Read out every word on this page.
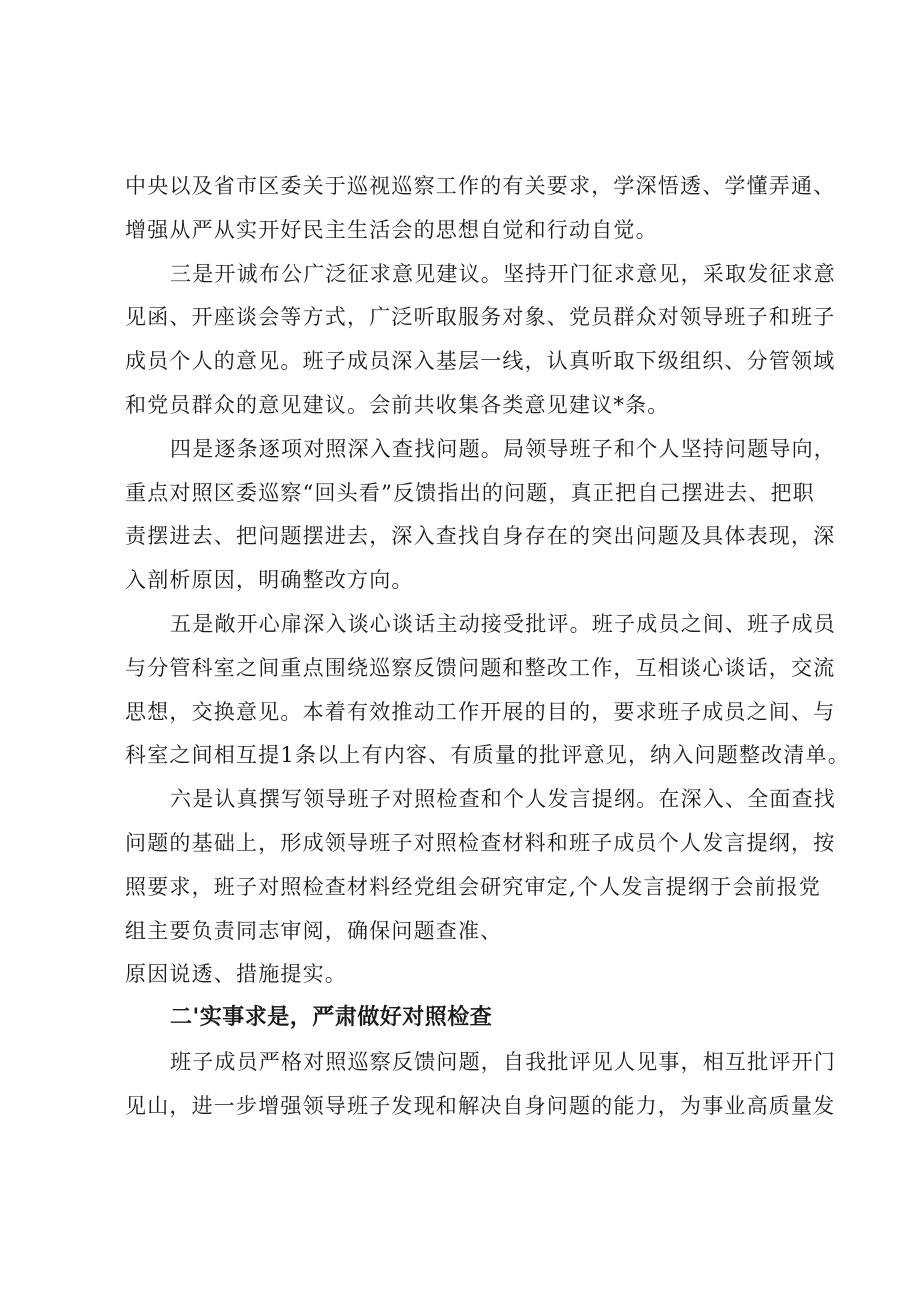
中央以及省市区委关于巡视巡察工作的有关要求，学深悟透、学懂弄通、
增强从严从实开好民主生活会的思想自觉和行动自觉。
三是开诚布公广泛征求意见建议。坚持开门征求意见，采取发征求意
见函、开座谈会等方式，广泛听取服务对象、党员群众对领导班子和班子
成员个人的意见。班子成员深入基层一线，认真听取下级组织、分管领域
和党员群众的意见建议。会前共收集各类意见建议*条。
四是逐条逐项对照深入查找问题。局领导班子和个人坚持问题导向，
重点对照区委巡察“回头看”反馈指出的问题，真正把自己摆进去、把职
责摆进去、把问题摆进去，深入查找自身存在的突出问题及具体表现，深
入剖析原因，明确整改方向。
五是敞开心扉深入谈心谈话主动接受批评。班子成员之间、班子成员
与分管科室之间重点围绕巡察反馈问题和整改工作，互相谈心谈话，交流
思想，交换意见。本着有效推动工作开展的目的，要求班子成员之间、与
科室之间相互提1条以上有内容、有质量的批评意见，纳入问题整改清单。
六是认真撰写领导班子对照检查和个人发言提纲。在深入、全面查找
问题的基础上，形成领导班子对照检查材料和班子成员个人发言提纲，按
照要求，班子对照检查材料经党组会研究审定,个人发言提纲于会前报党
组主要负责同志审阅，确保问题查准、
原因说透、措施提实。
二'实事求是，严肃做好对照检查
班子成员严格对照巡察反馈问题，自我批评见人见事，相互批评开门
见山，进一步增强领导班子发现和解决自身问题的能力，为事业高质量发
